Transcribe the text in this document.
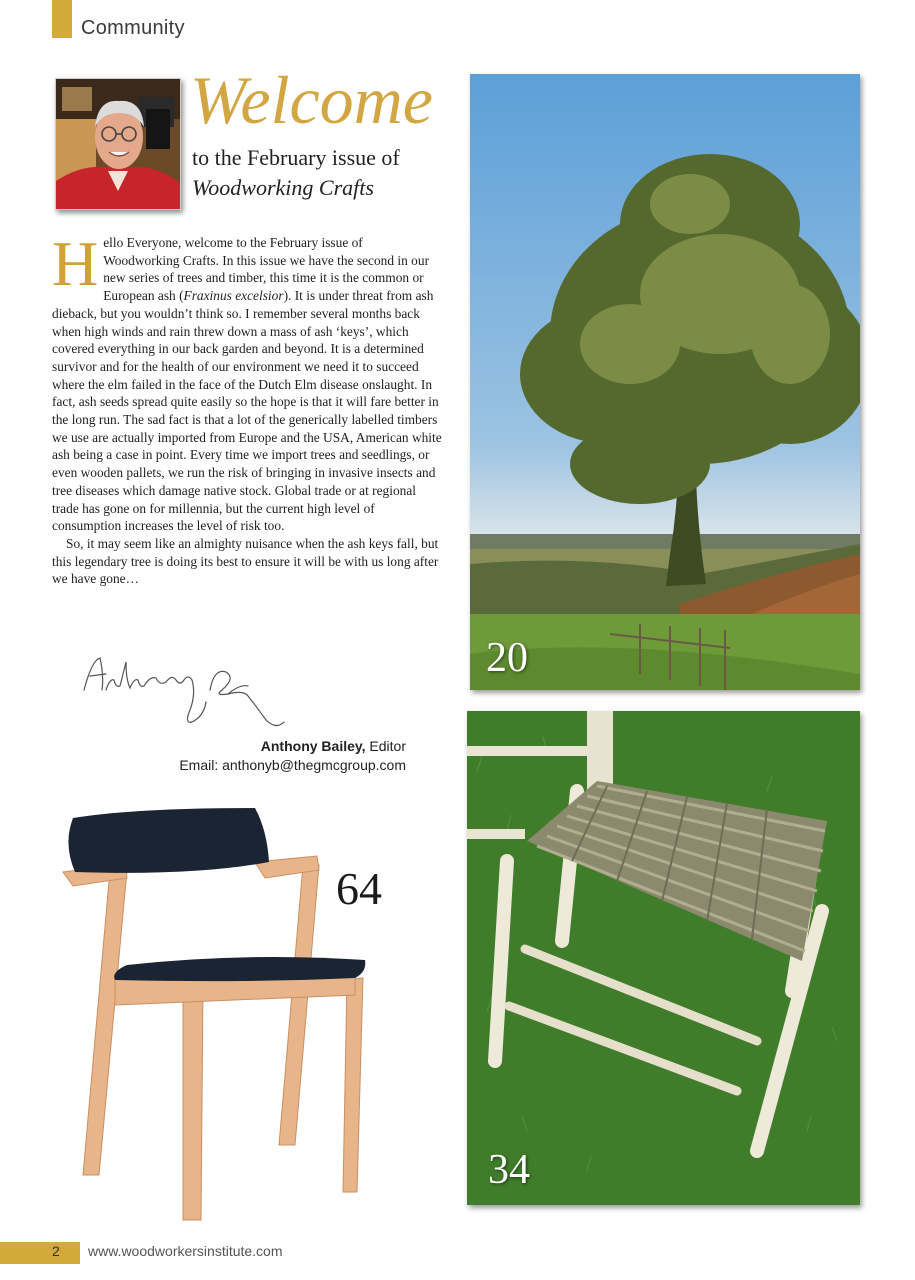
Community
Welcome
to the February issue of
Woodworking Crafts

Hello Everyone, welcome to the February issue of Woodworking Crafts. In this issue we have the second in our new series of trees and timber, this time it is the common or European ash (Fraxinus excelsior). It is under threat from ash dieback, but you wouldn’t think so. I remember several months back when high winds and rain threw down a mass of ash ‘keys’, which covered everything in our back garden and beyond. It is a determined survivor and for the health of our environment we need it to succeed where the elm failed in the face of the Dutch Elm disease onslaught. In fact, ash seeds spread quite easily so the hope is that it will fare better in the long run. The sad fact is that a lot of the generically labelled timbers we use are actually imported from Europe and the USA, American white ash being a case in point. Every time we import trees and seedlings, or even wooden pallets, we run the risk of bringing in invasive insects and tree diseases which damage native stock. Global trade or at regional trade has gone on for millennia, but the current high level of consumption increases the level of risk too.

So, it may seem like an almighty nuisance when the ash keys fall, but this legendary tree is doing its best to ensure it will be with us long after we have gone…

Anthony Bailey, Editor
Email: anthonyb@thegmcgroup.com
20
34
64
2 www.woodworkersinstitute.com
